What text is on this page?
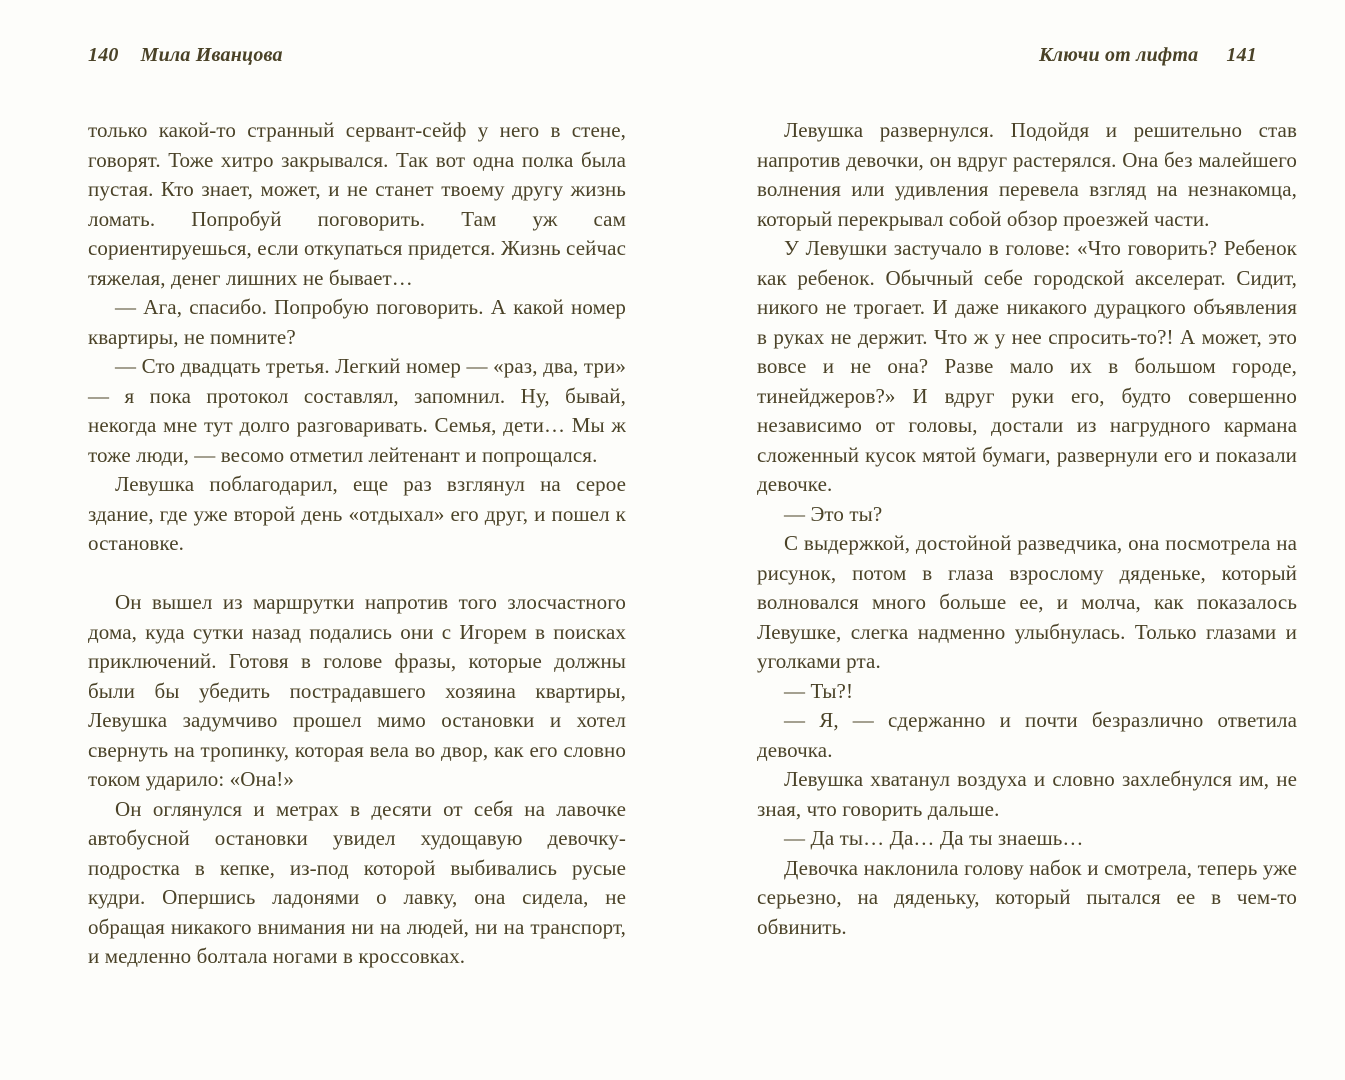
140 Мила Иванцова

только какой-то странный сервант-сейф у него в стене, говорят. Тоже хитро закрывался. Так вот одна полка была пустая. Кто знает, может, и не станет твоему другу жизнь ломать. Попробуй поговорить. Там уж сам сориентируешься, если откупаться придется. Жизнь сейчас тяжелая, денег лишних не бывает…

— Ага, спасибо. Попробую поговорить. А какой номер квартиры, не помните?

— Сто двадцать третья. Легкий номер — «раз, два, три» — я пока протокол составлял, запомнил. Ну, бывай, некогда мне тут долго разговаривать. Семья, дети… Мы ж тоже люди, — весомо отметил лейтенант и попрощался.

Левушка поблагодарил, еще раз взглянул на серое здание, где уже второй день «отдыхал» его друг, и пошел к остановке.

Он вышел из маршрутки напротив того злосчастного дома, куда сутки назад подались они с Игорем в поисках приключений. Готовя в голове фразы, которые должны были бы убедить пострадавшего хозяина квартиры, Левушка задумчиво прошел мимо остановки и хотел свернуть на тропинку, которая вела во двор, как его словно током ударило: «Она!»

Он оглянулся и метрах в десяти от себя на лавочке автобусной остановки увидел худощавую девочку-подростка в кепке, из-под которой выбивались русые кудри. Опершись ладонями о лавку, она сидела, не обращая никакого внимания ни на людей, ни на транспорт, и медленно болтала ногами в кроссовках.

Ключи от лифта 141

Левушка развернулся. Подойдя и решительно став напротив девочки, он вдруг растерялся. Она без малейшего волнения или удивления перевела взгляд на незнакомца, который перекрывал собой обзор проезжей части.

У Левушки застучало в голове: «Что говорить? Ребенок как ребенок. Обычный себе городской акселерат. Сидит, никого не трогает. И даже никакого дурацкого объявления в руках не держит. Что ж у нее спросить-то?! А может, это вовсе и не она? Разве мало их в большом городе, тинейджеров?» И вдруг руки его, будто совершенно независимо от головы, достали из нагрудного кармана сложенный кусок мятой бумаги, развернули его и показали девочке.

— Это ты?

С выдержкой, достойной разведчика, она посмотрела на рисунок, потом в глаза взрослому дяденьке, который волновался много больше ее, и молча, как показалось Левушке, слегка надменно улыбнулась. Только глазами и уголками рта.

— Ты?!

— Я, — сдержанно и почти безразлично ответила девочка.

Левушка хватанул воздуха и словно захлебнулся им, не зная, что говорить дальше.

— Да ты… Да… Да ты знаешь…

Девочка наклонила голову набок и смотрела, теперь уже серьезно, на дяденьку, который пытался ее в чем-то обвинить.
